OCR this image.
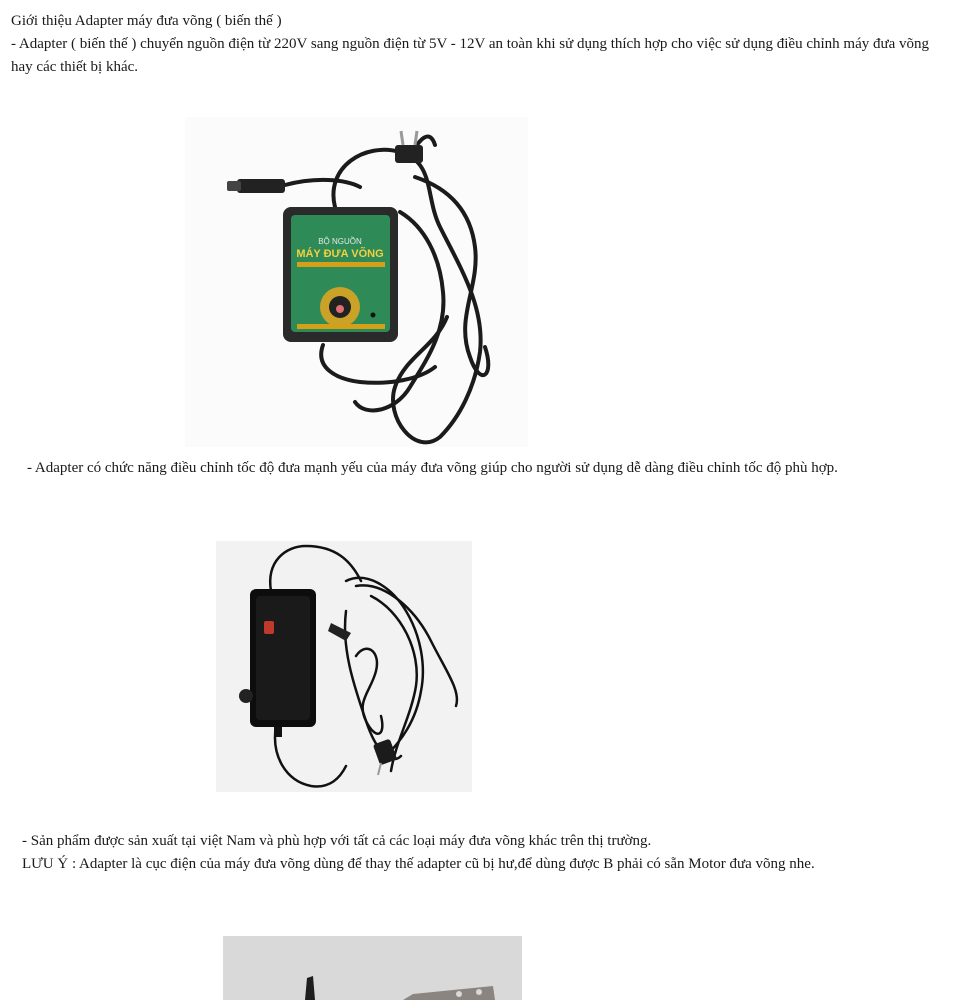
Giới thiệu Adapter máy đưa võng ( biến thế )
- Adapter ( biến thế ) chuyển nguồn điện từ 220V sang nguồn điện từ 5V - 12V an toàn khi sử dụng thích hợp cho việc sử dụng điều chỉnh máy đưa võng hay các thiết bị khác.
BỘ NGUỒN
MÁY ĐƯA VÕNG

- Adapter có chức năng điều chỉnh tốc độ đưa mạnh yếu của máy đưa võng giúp cho người sử dụng dễ dàng điều chỉnh tốc độ phù hợp.

- Sản phẩm được sản xuất tại việt Nam và phù hợp với tất cả các loại máy đưa võng khác trên thị trường.

LƯU Ý : Adapter là cục điện của máy đưa võng dùng để thay thế adapter cũ bị hư,để dùng được B phải có sẵn Motor đưa võng nhe.
